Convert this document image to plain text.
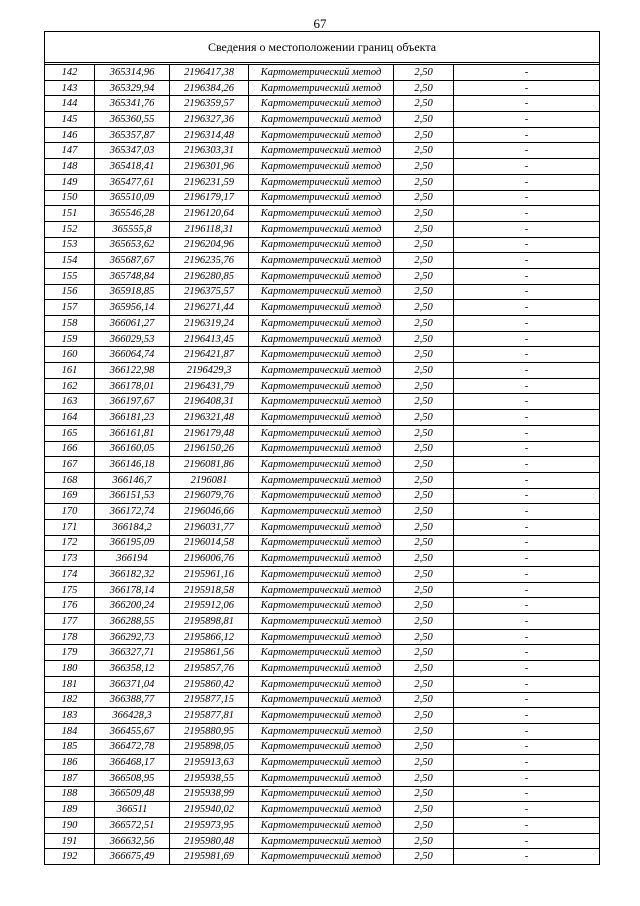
67
Сведения о местоположении границ объекта					

142	365314,96	2196417,38	Картометрический метод	2,50	-
143	365329,94	2196384,26	Картометрический метод	2,50	-
144	365341,76	2196359,57	Картометрический метод	2,50	-
145	365360,55	2196327,36	Картометрический метод	2,50	-
146	365357,87	2196314,48	Картометрический метод	2,50	-
147	365347,03	2196303,31	Картометрический метод	2,50	-
148	365418,41	2196301,96	Картометрический метод	2,50	-
149	365477,61	2196231,59	Картометрический метод	2,50	-
150	365510,09	2196179,17	Картометрический метод	2,50	-
151	365546,28	2196120,64	Картометрический метод	2,50	-
152	365555,8	2196118,31	Картометрический метод	2,50	-
153	365653,62	2196204,96	Картометрический метод	2,50	-
154	365687,67	2196235,76	Картометрический метод	2,50	-
155	365748,84	2196280,85	Картометрический метод	2,50	-
156	365918,85	2196375,57	Картометрический метод	2,50	-
157	365956,14	2196271,44	Картометрический метод	2,50	-
158	366061,27	2196319,24	Картометрический метод	2,50	-
159	366029,53	2196413,45	Картометрический метод	2,50	-
160	366064,74	2196421,87	Картометрический метод	2,50	-
161	366122,98	2196429,3	Картометрический метод	2,50	-
162	366178,01	2196431,79	Картометрический метод	2,50	-
163	366197,67	2196408,31	Картометрический метод	2,50	-
164	366181,23	2196321,48	Картометрический метод	2,50	-
165	366161,81	2196179,48	Картометрический метод	2,50	-
166	366160,05	2196150,26	Картометрический метод	2,50	-
167	366146,18	2196081,86	Картометрический метод	2,50	-
168	366146,7	2196081	Картометрический метод	2,50	-
169	366151,53	2196079,76	Картометрический метод	2,50	-
170	366172,74	2196046,66	Картометрический метод	2,50	-
171	366184,2	2196031,77	Картометрический метод	2,50	-
172	366195,09	2196014,58	Картометрический метод	2,50	-
173	366194	2196006,76	Картометрический метод	2,50	-
174	366182,32	2195961,16	Картометрический метод	2,50	-
175	366178,14	2195918,58	Картометрический метод	2,50	-
176	366200,24	2195912,06	Картометрический метод	2,50	-
177	366288,55	2195898,81	Картометрический метод	2,50	-
178	366292,73	2195866,12	Картометрический метод	2,50	-
179	366327,71	2195861,56	Картометрический метод	2,50	-
180	366358,12	2195857,76	Картометрический метод	2,50	-
181	366371,04	2195860,42	Картометрический метод	2,50	-
182	366388,77	2195877,15	Картометрический метод	2,50	-
183	366428,3	2195877,81	Картометрический метод	2,50	-
184	366455,67	2195880,95	Картометрический метод	2,50	-
185	366472,78	2195898,05	Картометрический метод	2,50	-
186	366468,17	2195913,63	Картометрический метод	2,50	-
187	366508,95	2195938,55	Картометрический метод	2,50	-
188	366509,48	2195938,99	Картометрический метод	2,50	-
189	366511	2195940,02	Картометрический метод	2,50	-
190	366572,51	2195973,95	Картометрический метод	2,50	-
191	366632,56	2195980,48	Картометрический метод	2,50	-
192	366675,49	2195981,69	Картометрический метод	2,50	-
